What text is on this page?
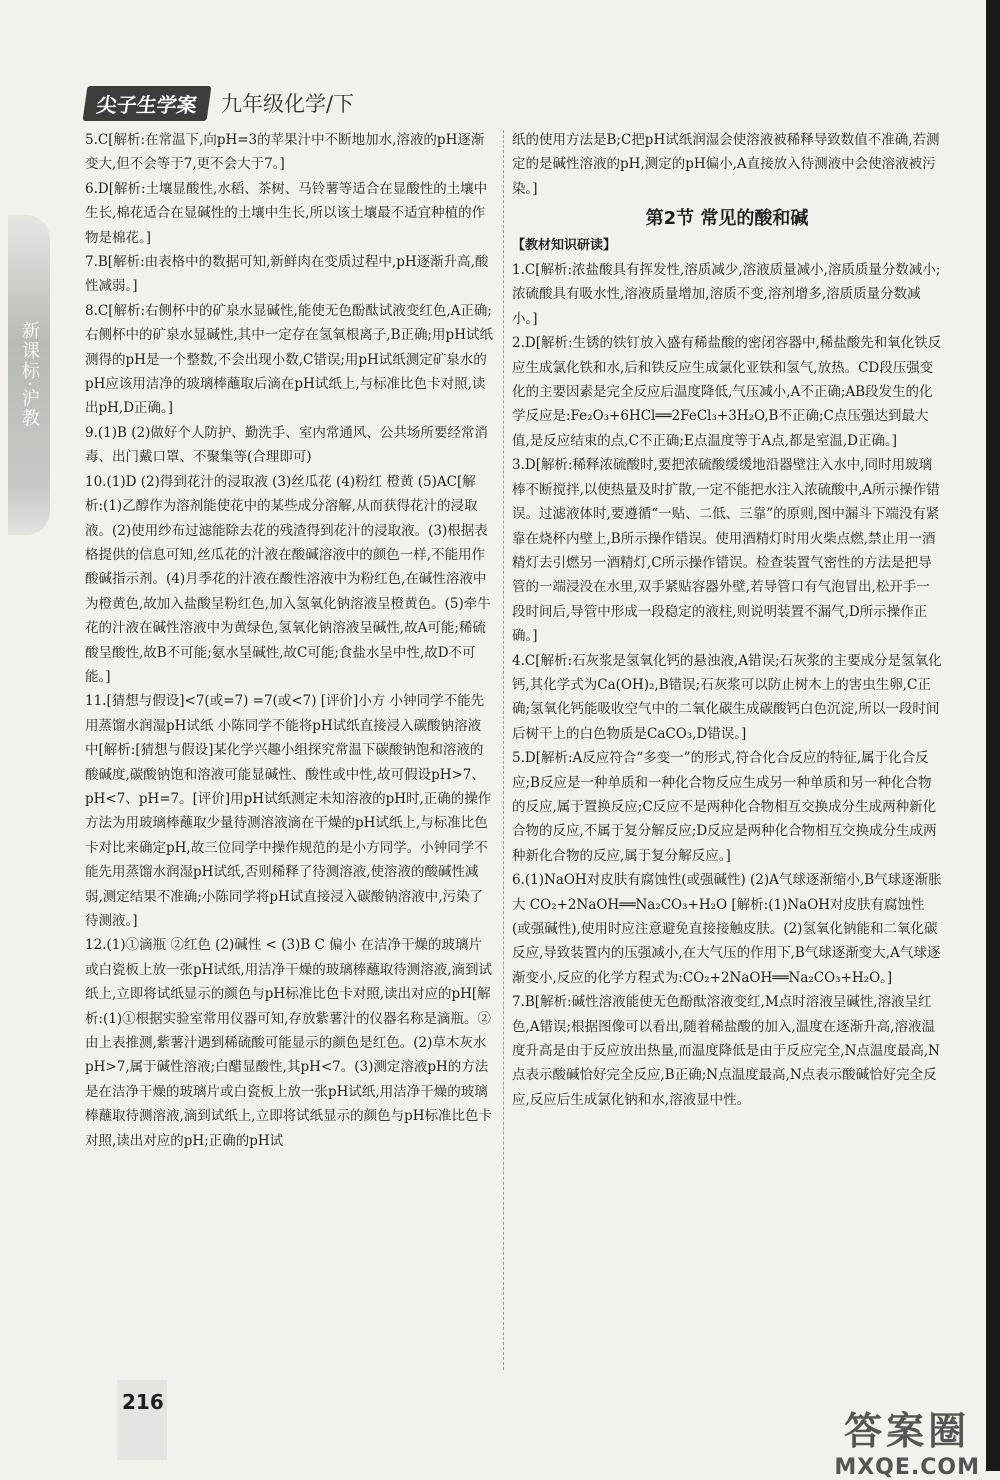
尖子生学案	九年级化学/下
新课标·沪教

5.C[解析:在常温下,向pH=3的苹果汁中不断地加水,溶液的pH逐渐变大,但不会等于7,更不会大于7。]

6.D[解析:土壤显酸性,水稻、茶树、马铃薯等适合在显酸性的土壤中生长,棉花适合在显碱性的土壤中生长,所以该土壤最不适宜种植的作物是棉花。]

7.B[解析:由表格中的数据可知,新鲜肉在变质过程中,pH逐渐升高,酸性减弱。]

8.C[解析:右侧杯中的矿泉水显碱性,能使无色酚酞试液变红色,A正确;右侧杯中的矿泉水显碱性,其中一定存在氢氧根离子,B正确;用pH试纸测得的pH是一个整数,不会出现小数,C错误;用pH试纸测定矿泉水的pH应该用洁净的玻璃棒蘸取后滴在pH试纸上,与标准比色卡对照,读出pH,D正确。]

9.(1)B (2)做好个人防护、勤洗手、室内常通风、公共场所要经常消毒、出门戴口罩、不聚集等(合理即可)

10.(1)D (2)得到花汁的浸取液 (3)丝瓜花 (4)粉红 橙黄 (5)AC[解析:(1)乙醇作为溶剂能使花中的某些成分溶解,从而获得花汁的浸取液。(2)使用纱布过滤能除去花的残渣得到花汁的浸取液。(3)根据表格提供的信息可知,丝瓜花的汁液在酸碱溶液中的颜色一样,不能用作酸碱指示剂。(4)月季花的汁液在酸性溶液中为粉红色,在碱性溶液中为橙黄色,故加入盐酸呈粉红色,加入氢氧化钠溶液呈橙黄色。(5)牵牛花的汁液在碱性溶液中为黄绿色,氢氧化钠溶液呈碱性,故A可能;稀硫酸呈酸性,故B不可能;氨水呈碱性,故C可能;食盐水呈中性,故D不可能。]

11.[猜想与假设]<7(或=7) =7(或<7) [评价]小方 小钟同学不能先用蒸馏水润湿pH试纸 小陈同学不能将pH试纸直接浸入碳酸钠溶液中[解析:[猜想与假设]某化学兴趣小组探究常温下碳酸钠饱和溶液的酸碱度,碳酸钠饱和溶液可能显碱性、酸性或中性,故可假设pH>7、pH<7、pH=7。[评价]用pH试纸测定未知溶液的pH时,正确的操作方法为用玻璃棒蘸取少量待测溶液滴在干燥的pH试纸上,与标准比色卡对比来确定pH,故三位同学中操作规范的是小方同学。小钟同学不能先用蒸馏水润湿pH试纸,否则稀释了待测溶液,使溶液的酸碱性减弱,测定结果不准确;小陈同学将pH试直接浸入碳酸钠溶液中,污染了待测液。]

12.(1)①滴瓶 ②红色 (2)碱性 < (3)B C 偏小 在洁净干燥的玻璃片或白瓷板上放一张pH试纸,用洁净干燥的玻璃棒蘸取待测溶液,滴到试纸上,立即将试纸显示的颜色与pH标准比色卡对照,读出对应的pH[解析:(1)①根据实验室常用仪器可知,存放紫薯汁的仪器名称是滴瓶。②由上表推测,紫薯汁遇到稀硫酸可能显示的颜色是红色。(2)草木灰水pH>7,属于碱性溶液;白醋显酸性,其pH<7。(3)测定溶液pH的方法是在洁净干燥的玻璃片或白瓷板上放一张pH试纸,用洁净干燥的玻璃棒蘸取待测溶液,滴到试纸上,立即将试纸显示的颜色与pH标准比色卡对照,读出对应的pH;正确的pH试

纸的使用方法是B;C把pH试纸润湿会使溶液被稀释导致数值不准确,若测定的是碱性溶液的pH,测定的pH偏小,A直接放入待测液中会使溶液被污染。]

第2节 常见的酸和碱
【教材知识研读】

1.C[解析:浓盐酸具有挥发性,溶质减少,溶液质量减小,溶质质量分数减小;浓硫酸具有吸水性,溶液质量增加,溶质不变,溶剂增多,溶质质量分数减小。]

2.D[解析:生锈的铁钉放入盛有稀盐酸的密闭容器中,稀盐酸先和氧化铁反应生成氯化铁和水,后和铁反应生成氯化亚铁和氢气,放热。CD段压强变化的主要因素是完全反应后温度降低,气压减小,A不正确;AB段发生的化学反应是:Fe₂O₃+6HCl══2FeCl₃+3H₂O,B不正确;C点压强达到最大值,是反应结束的点,C不正确;E点温度等于A点,都是室温,D正确。]

3.D[解析:稀释浓硫酸时,要把浓硫酸缓缓地沿器壁注入水中,同时用玻璃棒不断搅拌,以使热量及时扩散,一定不能把水注入浓硫酸中,A所示操作错误。过滤液体时,要遵循“一贴、二低、三靠”的原则,图中漏斗下端没有紧靠在烧杯内壁上,B所示操作错误。使用酒精灯时用火柴点燃,禁止用一酒精灯去引燃另一酒精灯,C所示操作错误。检查装置气密性的方法是把导管的一端浸没在水里,双手紧贴容器外壁,若导管口有气泡冒出,松开手一段时间后,导管中形成一段稳定的液柱,则说明装置不漏气,D所示操作正确。]

4.C[解析:石灰浆是氢氧化钙的悬浊液,A错误;石灰浆的主要成分是氢氧化钙,其化学式为Ca(OH)₂,B错误;石灰浆可以防止树木上的害虫生卵,C正确;氢氧化钙能吸收空气中的二氧化碳生成碳酸钙白色沉淀,所以一段时间后树干上的白色物质是CaCO₃,D错误。]

5.D[解析:A反应符合“多变一”的形式,符合化合反应的特征,属于化合反应;B反应是一种单质和一种化合物反应生成另一种单质和另一种化合物的反应,属于置换反应;C反应不是两种化合物相互交换成分生成两种新化合物的反应,不属于复分解反应;D反应是两种化合物相互交换成分生成两种新化合物的反应,属于复分解反应。]

6.(1)NaOH对皮肤有腐蚀性(或强碱性) (2)A气球逐渐缩小,B气球逐渐胀大 CO₂+2NaOH══Na₂CO₃+H₂O [解析:(1)NaOH对皮肤有腐蚀性(或强碱性),使用时应注意避免直接接触皮肤。(2)氢氧化钠能和二氧化碳反应,导致装置内的压强减小,在大气压的作用下,B气球逐渐变大,A气球逐渐变小,反应的化学方程式为:CO₂+2NaOH══Na₂CO₃+H₂O。]

7.B[解析:碱性溶液能使无色酚酞溶液变红,M点时溶液呈碱性,溶液呈红色,A错误;根据图像可以看出,随着稀盐酸的加入,温度在逐渐升高,溶液温度升高是由于反应放出热量,而温度降低是由于反应完全,N点温度最高,N点表示酸碱恰好完全反应,B正确;N点温度最高,N点表示酸碱恰好完全反应,反应后生成氯化钠和水,溶液显中性。

216
答案圈
MXQE.COM
